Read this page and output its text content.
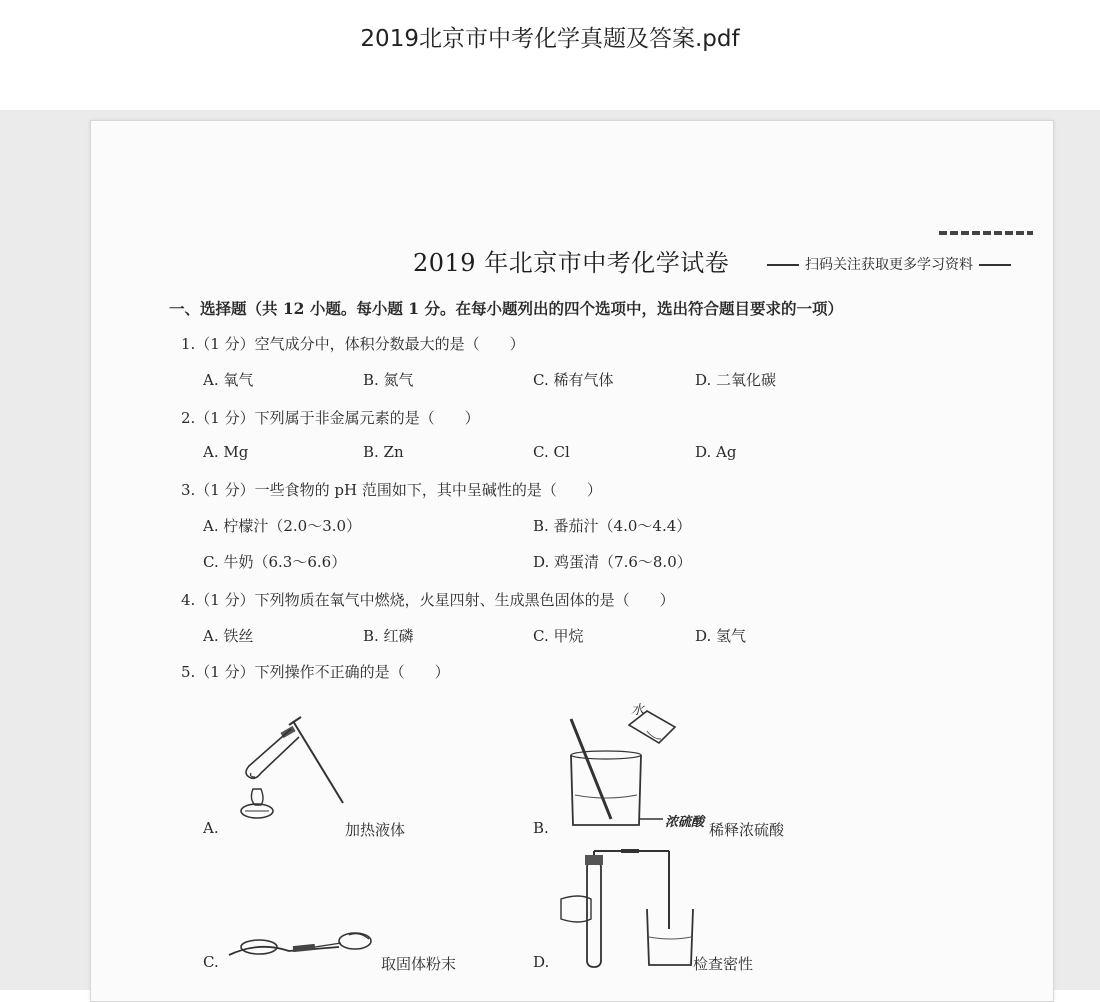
2019北京市中考化学真题及答案.pdf
2019 年北京市中考化学试卷	扫码关注获取更多学习资料
一、选择题（共 12 小题。每小题 1 分。在每小题列出的四个选项中，选出符合题目要求的一项）
1.（1 分）空气成分中，体积分数最大的是（　　）
A. 氧气	B. 氮气	C. 稀有气体	D. 二氧化碳
2.（1 分）下列属于非金属元素的是（　　）
A. Mg	B. Zn	C. Cl	D. Ag
3.（1 分）一些食物的 pH 范围如下，其中呈碱性的是（　　）
A. 柠檬汁（2.0～3.0）	B. 番茄汁（4.0～4.4）
C. 牛奶（6.3～6.6）	D. 鸡蛋清（7.6～8.0）
4.（1 分）下列物质在氧气中燃烧，火星四射、生成黑色固体的是（　　）
A. 铁丝	B. 红磷	C. 甲烷	D. 氢气
5.（1 分）下列操作不正确的是（　　）
A.	加热液体
水
浓硫酸
B.	稀释浓硫酸
C.	取固体粉末	D.	检查密性
